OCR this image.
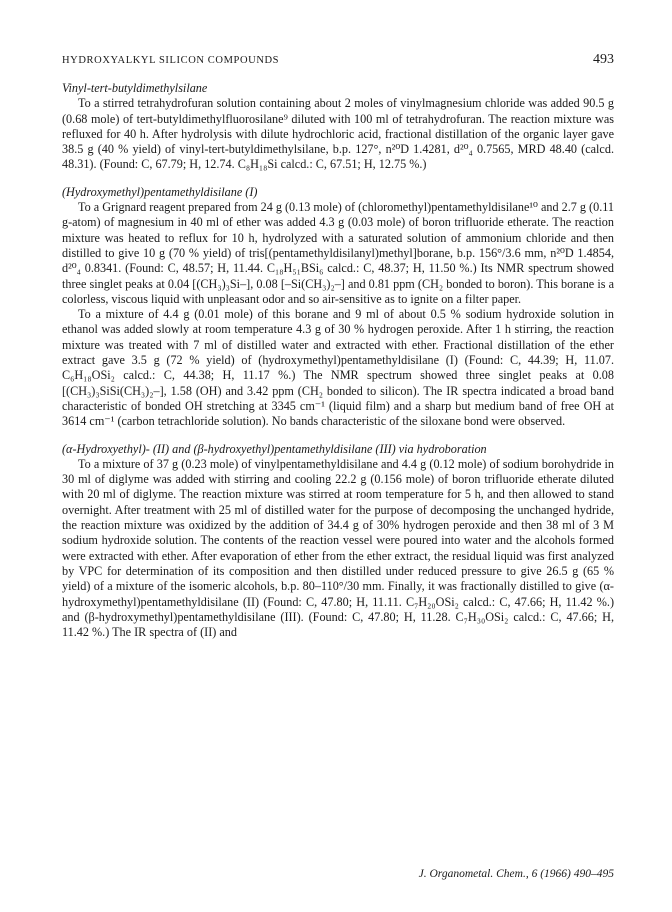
HYDROXYALKYL SILICON COMPOUNDS	493
Vinyl-tert-butyldimethylsilane

To a stirred tetrahydrofuran solution containing about 2 moles of vinylmagnesium chloride was added 90.5 g (0.68 mole) of tert-butyldimethylfluorosilane⁹ diluted with 100 ml of tetrahydrofuran. The reaction mixture was refluxed for 40 h. After hydrolysis with dilute hydrochloric acid, fractional distillation of the organic layer gave 38.5 g (40 % yield) of vinyl-tert-butyldimethylsilane, b.p. 127°, n²⁰D 1.4281, d²⁰₄ 0.7565, MRD 48.40 (calcd. 48.31). (Found: C, 67.79; H, 12.74. C₈H₁₈Si calcd.: C, 67.51; H, 12.75 %.)

(Hydroxymethyl)pentamethyldisilane (I)

To a Grignard reagent prepared from 24 g (0.13 mole) of (chloromethyl)pentamethyldisilane¹⁰ and 2.7 g (0.11 g-atom) of magnesium in 40 ml of ether was added 4.3 g (0.03 mole) of boron trifluoride etherate. The reaction mixture was heated to reflux for 10 h, hydrolyzed with a saturated solution of ammonium chloride and then distilled to give 10 g (70 % yield) of tris[(pentamethyldisilanyl)methyl]borane, b.p. 156°/3.6 mm, n²⁰D 1.4854, d²⁰₄ 0.8341. (Found: C, 48.57; H, 11.44. C₁₈H₅₁BSi₆ calcd.: C, 48.37; H, 11.50 %.) Its NMR spectrum showed three singlet peaks at 0.04 [(CH₃)₃Si–], 0.08 [–Si(CH₃)₂–] and 0.81 ppm (CH₂ bonded to boron). This borane is a colorless, viscous liquid with unpleasant odor and so air-sensitive as to ignite on a filter paper.

To a mixture of 4.4 g (0.01 mole) of this borane and 9 ml of about 0.5 % sodium hydroxide solution in ethanol was added slowly at room temperature 4.3 g of 30 % hydrogen peroxide. After 1 h stirring, the reaction mixture was treated with 7 ml of distilled water and extracted with ether. Fractional distillation of the ether extract gave 3.5 g (72 % yield) of (hydroxymethyl)pentamethyldisilane (I) (Found: C, 44.39; H, 11.07. C₆H₁₈OSi₂ calcd.: C, 44.38; H, 11.17 %.) The NMR spectrum showed three singlet peaks at 0.08 [(CH₃)₃SiSi(CH₃)₂–], 1.58 (OH) and 3.42 ppm (CH₂ bonded to silicon). The IR spectra indicated a broad band characteristic of bonded OH stretching at 3345 cm⁻¹ (liquid film) and a sharp but medium band of free OH at 3614 cm⁻¹ (carbon tetrachloride solution). No bands characteristic of the siloxane bond were observed.

(α-Hydroxyethyl)- (II) and (β-hydroxyethyl)pentamethyldisilane (III) via hydroboration

To a mixture of 37 g (0.23 mole) of vinylpentamethyldisilane and 4.4 g (0.12 mole) of sodium borohydride in 30 ml of diglyme was added with stirring and cooling 22.2 g (0.156 mole) of boron trifluoride etherate diluted with 20 ml of diglyme. The reaction mixture was stirred at room temperature for 5 h, and then allowed to stand overnight. After treatment with 25 ml of distilled water for the purpose of decomposing the unchanged hydride, the reaction mixture was oxidized by the addition of 34.4 g of 30% hydrogen peroxide and then 38 ml of 3 M sodium hydroxide solution. The contents of the reaction vessel were poured into water and the alcohols formed were extracted with ether. After evaporation of ether from the ether extract, the residual liquid was first analyzed by VPC for determination of its composition and then distilled under reduced pressure to give 26.5 g (65 % yield) of a mixture of the isomeric alcohols, b.p. 80–110°/30 mm. Finally, it was fractionally distilled to give (α-hydroxymethyl)pentamethyldisilane (II) (Found: C, 47.80; H, 11.11. C₇H₂₀OSi₂ calcd.: C, 47.66; H, 11.42 %.) and (β-hydroxymethyl)pentamethyldisilane (III). (Found: C, 47.80; H, 11.28. C₇H₃₀OSi₂ calcd.: C, 47.66; H, 11.42 %.) The IR spectra of (II) and

J. Organometal. Chem., 6 (1966) 490–495
